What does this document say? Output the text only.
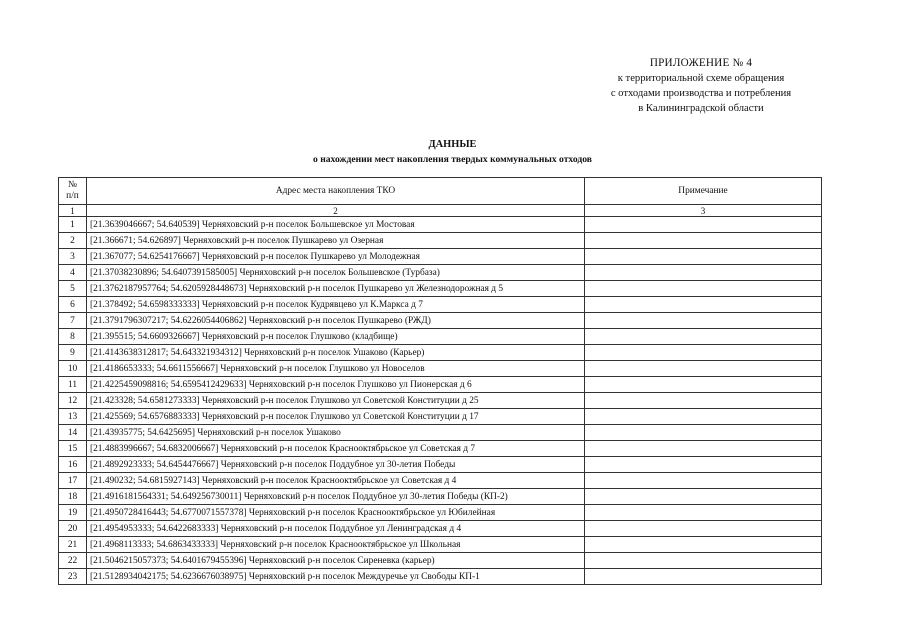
ПРИЛОЖЕНИЕ № 4
к территориальной схеме обращения
с отходами производства и потребления
в Калининградской области
ДАННЫЕ
о нахождении мест накопления твердых коммунальных отходов
№
п/п	Адрес места накопления ТКО	Примечание
1	2	3
1	[21.3639046667; 54.640539] Черняховский р-н поселок Большевское ул Мостовая	
2	[21.366671; 54.626897] Черняховский р-н поселок Пушкарево ул Озерная	
3	[21.367077; 54.6254176667] Черняховский р-н поселок Пушкарево ул Молодежная	
4	[21.37038230896; 54.6407391585005] Черняховский р-н поселок Большевское (Турбаза)	
5	[21.3762187957764; 54.6205928448673] Черняховский р-н поселок Пушкарево ул Железнодорожная д 5	
6	[21.378492; 54.6598333333] Черняховский р-н поселок Кудрявцево ул К.Маркса д 7	
7	[21.3791796307217; 54.6226054406862] Черняховский р-н поселок Пушкарево (РЖД)	
8	[21.395515; 54.6609326667] Черняховский р-н поселок Глушково (кладбище)	
9	[21.4143638312817; 54.643321934312] Черняховский р-н поселок Ушаково (Карьер)	
10	[21.4186653333; 54.6611556667] Черняховский р-н поселок Глушково ул Новоселов	
11	[21.4225459098816; 54.6595412429633] Черняховский р-н поселок Глушково ул Пионерская д 6	
12	[21.423328; 54.6581273333] Черняховский р-н поселок Глушково ул Советской Конституции д 25	
13	[21.425569; 54.6576883333] Черняховский р-н поселок Глушково ул Советской Конституции д 17	
14	[21.43935775; 54.6425695] Черняховский р-н поселок Ушаково	
15	[21.4883996667; 54.6832006667] Черняховский р-н поселок Краснооктябрьское ул Советская д 7	
16	[21.4892923333; 54.6454476667] Черняховский р-н поселок Поддубное ул 30-летия Победы	
17	[21.490232; 54.6815927143] Черняховский р-н поселок Краснооктябрьское ул Советская д 4	
18	[21.4916181564331; 54.649256730011] Черняховский р-н поселок Поддубное ул 30-летия Победы (КП-2)	
19	[21.4950728416443; 54.6770071557378] Черняховский р-н поселок Краснооктябрьское ул Юбилейная	
20	[21.4954953333; 54.6422683333] Черняховский р-н поселок Поддубное ул Ленинградская д 4	
21	[21.4968113333; 54.6863433333] Черняховский р-н поселок Краснооктябрьское ул Школьная	
22	[21.5046215057373; 54.6401679455396] Черняховский р-н поселок Сиреневка (карьер)	
23	[21.5128934042175; 54.6236676038975] Черняховский р-н поселок Междуречье ул Свободы КП-1	
